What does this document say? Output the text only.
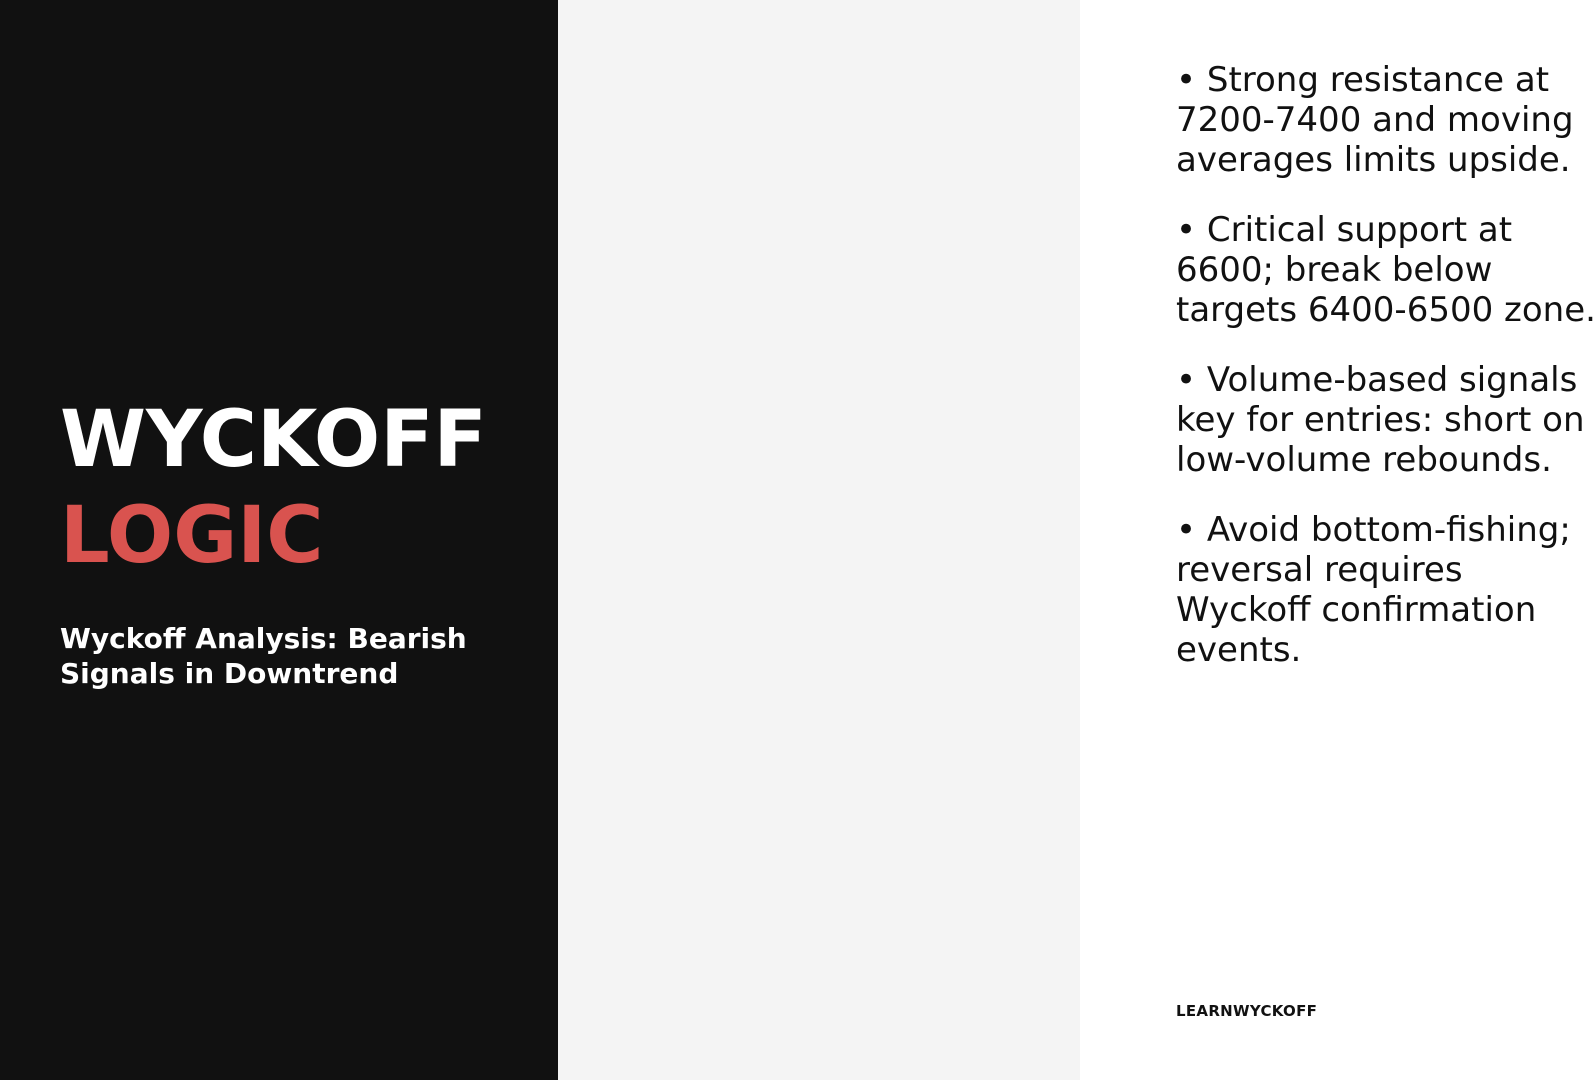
WYCKOFF
LOGIC
Wyckoff Analysis: Bearish Signals in Downtrend
• Strong resistance at 7200-7400 and moving averages limits upside.
• Critical support at 6600; break below targets 6400-6500 zone.
• Volume-based signals key for entries: short on low-volume rebounds.
• Avoid bottom-fishing; reversal requires Wyckoff confirmation events.
LEARNWYCKOFF
